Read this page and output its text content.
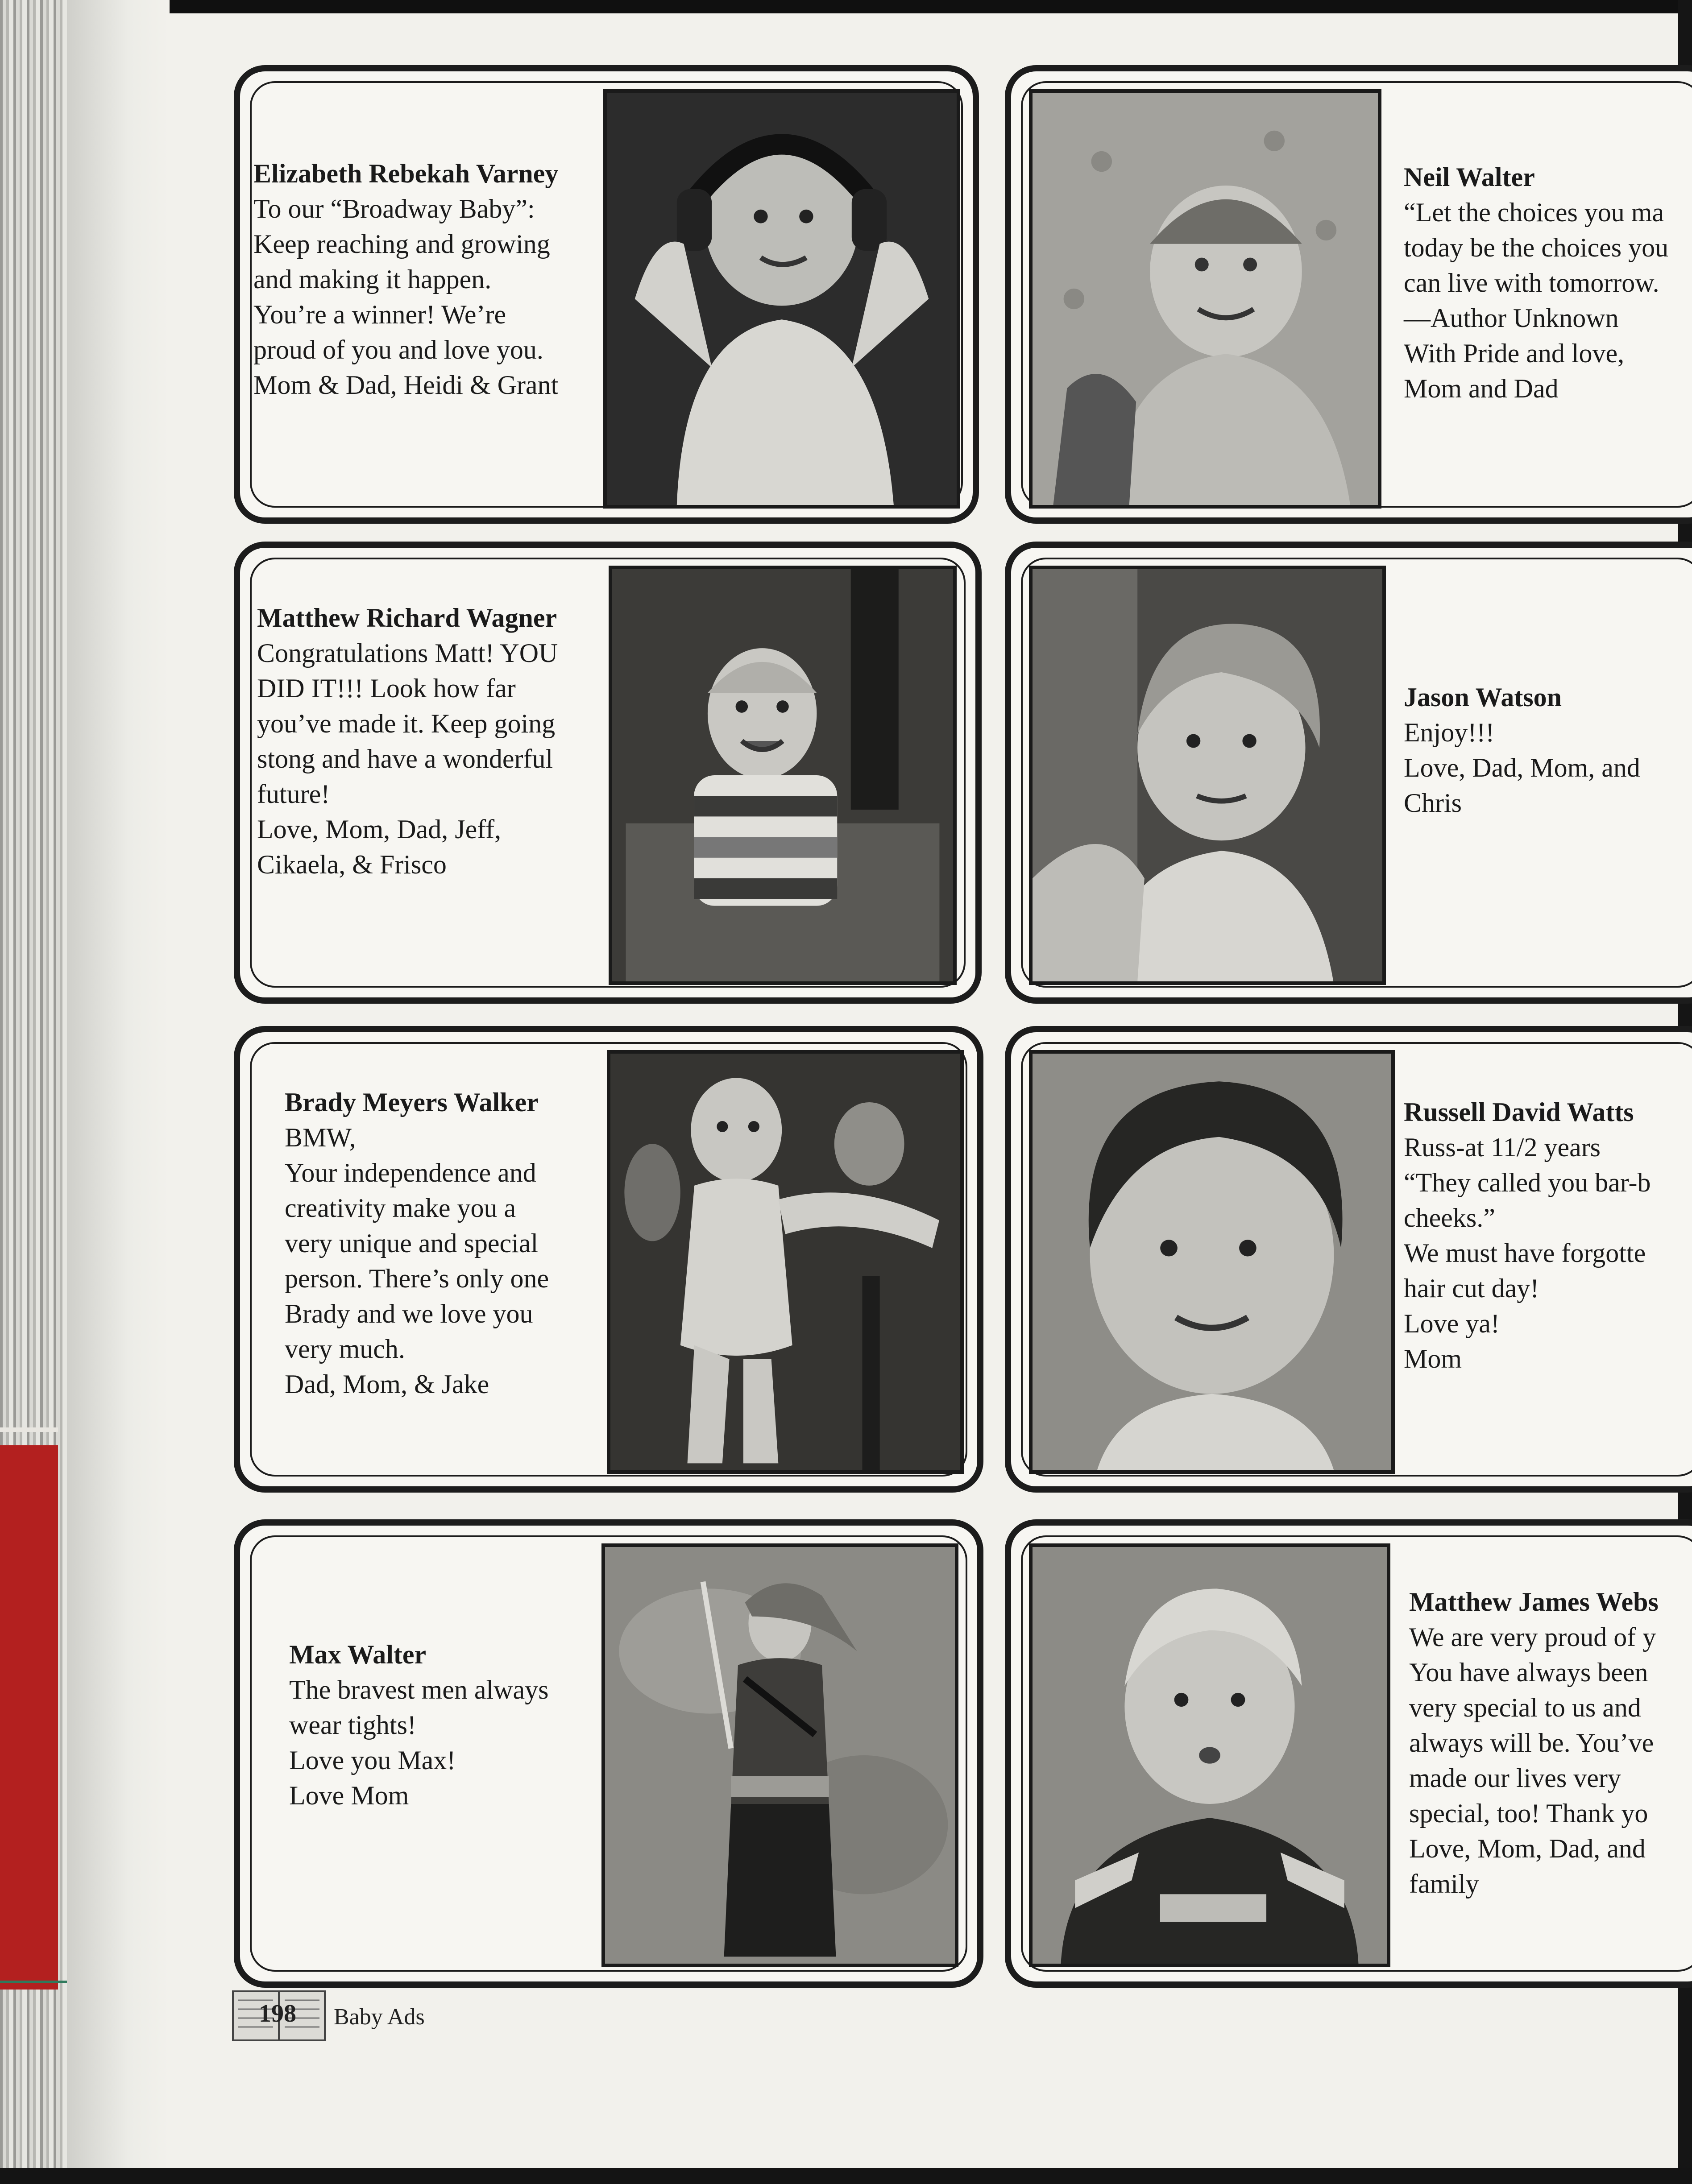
Elizabeth Rebekah Varney
To our “Broadway Baby”:
Keep reaching and growing
and making it happen.
You’re a winner! We’re
proud of you and love you.
Mom & Dad, Heidi & Grant
Neil Walter
“Let the choices you ma
today be the choices you
can live with tomorrow.
—Author Unknown
With Pride and love,
Mom and Dad
Matthew Richard Wagner
Congratulations Matt! YOU
DID IT!!! Look how far
you’ve made it. Keep going
stong and have a wonderful
future!
Love, Mom, Dad, Jeff,
Cikaela, & Frisco
Jason Watson
Enjoy!!!
Love, Dad, Mom, and
Chris
Brady Meyers Walker
BMW,
Your independence and
creativity make you a
very unique and special
person. There’s only one
Brady and we love you
very much.
Dad, Mom, & Jake
Russell David Watts
Russ-at 11/2 years
“They called you bar-b
cheeks.”
We must have forgotte
hair cut day!
Love ya!
Mom
Max Walter
The bravest men always
wear tights!
Love you Max!
Love Mom
Matthew James Webs
We are very proud of y
You have always been
very special to us and
always will be. You’ve
made our lives very
special, too! Thank yo
Love, Mom, Dad, and
family
198 Baby Ads
